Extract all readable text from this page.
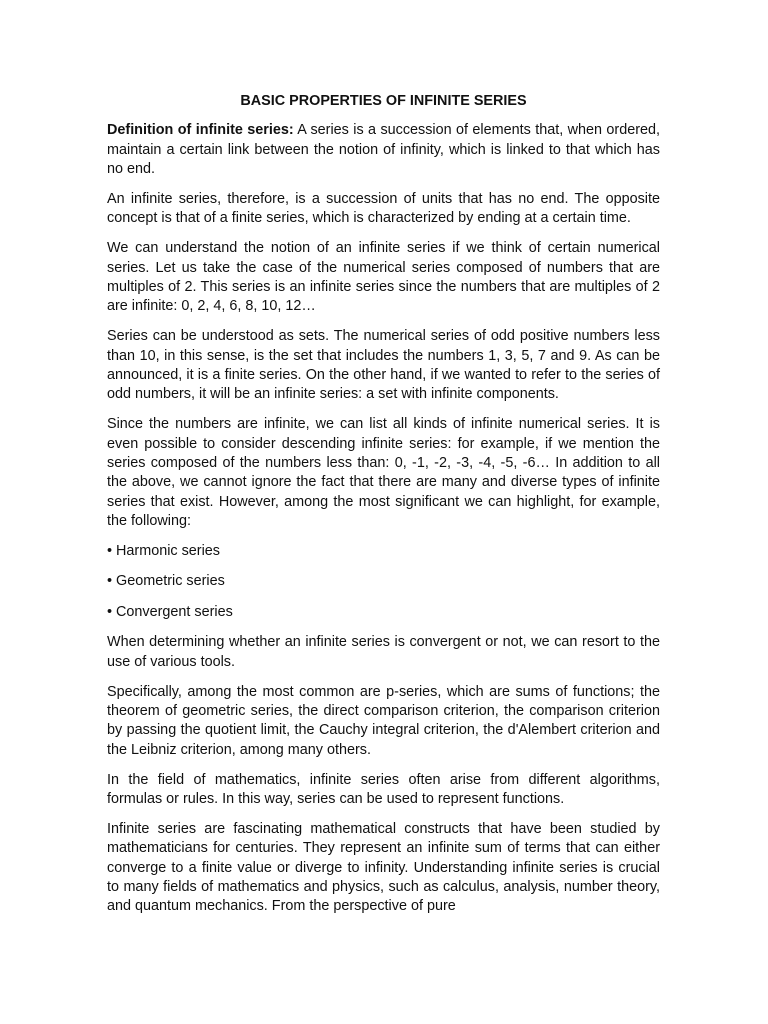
BASIC PROPERTIES OF INFINITE SERIES

Definition of infinite series: A series is a succession of elements that, when ordered, maintain a certain link between the notion of infinity, which is linked to that which has no end.

An infinite series, therefore, is a succession of units that has no end. The opposite concept is that of a finite series, which is characterized by ending at a certain time.

We can understand the notion of an infinite series if we think of certain numerical series. Let us take the case of the numerical series composed of numbers that are multiples of 2. This series is an infinite series since the numbers that are multiples of 2 are infinite: 0, 2, 4, 6, 8, 10, 12…

Series can be understood as sets. The numerical series of odd positive numbers less than 10, in this sense, is the set that includes the numbers 1, 3, 5, 7 and 9. As can be announced, it is a finite series. On the other hand, if we wanted to refer to the series of odd numbers, it will be an infinite series: a set with infinite components.

Since the numbers are infinite, we can list all kinds of infinite numerical series. It is even possible to consider descending infinite series: for example, if we mention the series composed of the numbers less than: 0, -1, -2, -3, -4, -5, -6… In addition to all the above, we cannot ignore the fact that there are many and diverse types of infinite series that exist. However, among the most significant we can highlight, for example, the following:

• Harmonic series

• Geometric series

• Convergent series

When determining whether an infinite series is convergent or not, we can resort to the use of various tools.

Specifically, among the most common are p-series, which are sums of functions; the theorem of geometric series, the direct comparison criterion, the comparison criterion by passing the quotient limit, the Cauchy integral criterion, the d'Alembert criterion and the Leibniz criterion, among many others.

In the field of mathematics, infinite series often arise from different algorithms, formulas or rules. In this way, series can be used to represent functions.

Infinite series are fascinating mathematical constructs that have been studied by mathematicians for centuries. They represent an infinite sum of terms that can either converge to a finite value or diverge to infinity. Understanding infinite series is crucial to many fields of mathematics and physics, such as calculus, analysis, number theory, and quantum mechanics. From the perspective of pure
